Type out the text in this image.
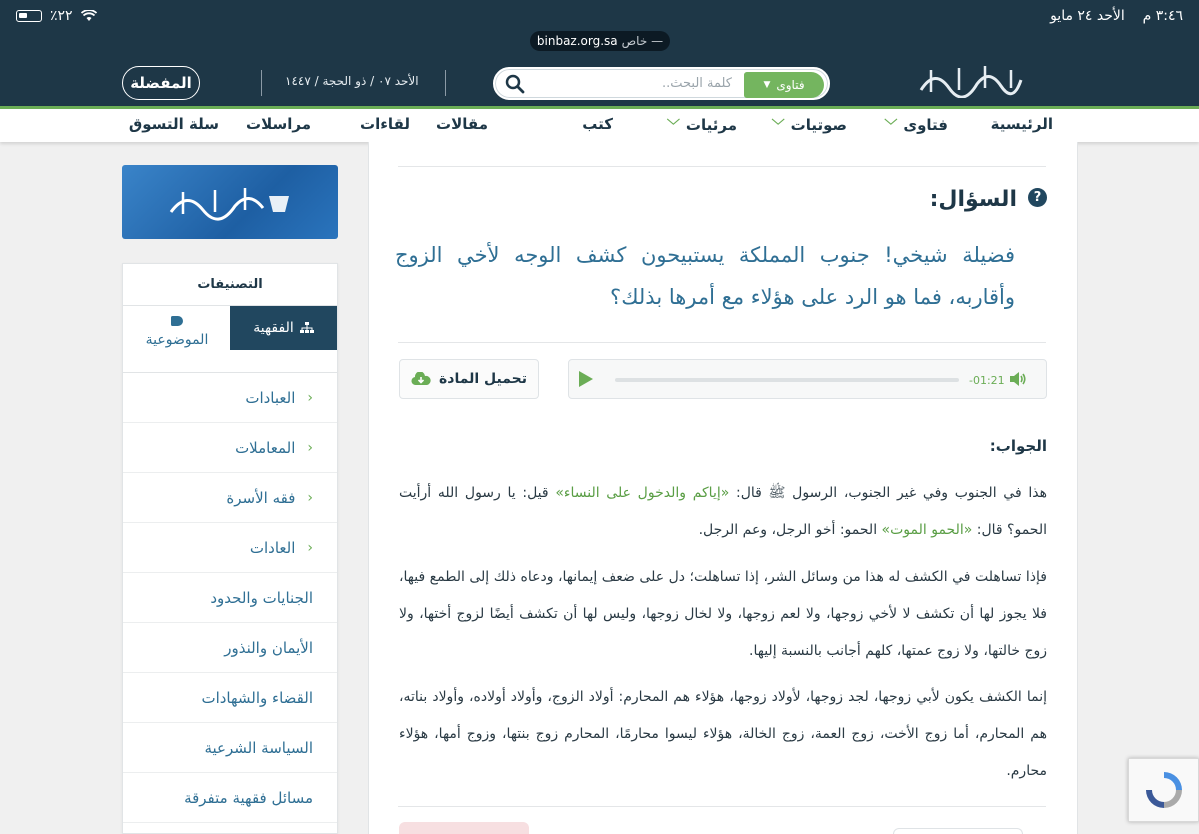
٪٢٢	٣:٤٦ م    الأحد ٢٤ مايو
binbaz.org.sa خاص —
المفضلة	الأحد ٠٧ / ذو الحجة / ١٤٤٧	فتاوى
▼
كلمة البحث..
الرئيسية
فتاوى
﹀
صوتيات
﹀
مرئيات
﹀
كتب
مقالات
لقاءات
مراسلات
سلة التسوق
?
السؤال:
فضيلة شيخي! جنوب المملكة يستبيحون كشف الوجه لأخي الزوج وأقاربه، فما هو الرد على هؤلاء مع أمرها بذلك؟
-01:21
تحميل المادة
الجواب:
هذا في الجنوب وفي غير الجنوب، الرسول ﷺ قال: «إياكم والدخول على النساء» قيل: يا رسول الله أرأيت الحمو؟ قال: «الحمو الموت» الحمو: أخو الرجل، وعم الرجل.
فإذا تساهلت في الكشف له هذا من وسائل الشر، إذا تساهلت؛ دل على ضعف إيمانها، ودعاه ذلك إلى الطمع فيها، فلا يجوز لها أن تكشف لا لأخي زوجها، ولا لعم زوجها، ولا لخال زوجها، وليس لها أن تكشف أيضًا لزوج أختها، ولا زوج خالتها، ولا زوج عمتها، كلهم أجانب بالنسبة إليها.
إنما الكشف يكون لأبي زوجها، لجد زوجها، لأولاد زوجها، هؤلاء هم المحارم: أولاد الزوج، وأولاد أولاده، وأولاد بناته، هم المحارم، أما زوج الأخت، زوج العمة، زوج الخالة، هؤلاء ليسوا محارمًا، المحارم زوج بنتها، وزوج أمها، هؤلاء محارم.
التصنيفات
الفقهية
الموضوعية
‹
العبادات
‹
المعاملات
‹
فقه الأسرة
‹
العادات
الجنايات والحدود
الأيمان والنذور
القضاء والشهادات
السياسة الشرعية
مسائل فقهية متفرقة
